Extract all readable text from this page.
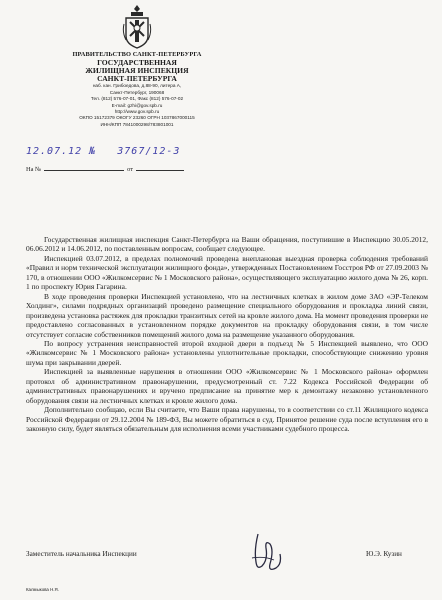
ПРАВИТЕЛЬСТВО САНКТ-ПЕТЕРБУРГА
ГОСУДАРСТВЕННАЯ
ЖИЛИЩНАЯ ИНСПЕКЦИЯ
САНКТ-ПЕТЕРБУРГА
наб. кан. Грибоедова, д.88-90, литера А,
Санкт-Петербург, 190068
Тел. (812) 576-07-01, Факс (812) 576-07-02
E-mail: gzhi@gov.spb.ru
http://www.gov.spb.ru
ОКПО 15172379 ОКОГУ 23260 ОГРН 1037867000115
ИНН/КПП 7841000298/783801001
12.07.12 № 3767/12-3
На №	от

Государственная жилищная инспекция Санкт-Петербурга на Ваши обращения, поступившие в Инспекцию 30.05.2012, 06.06.2012 и 14.06.2012, по поставленным вопросам, сообщает следующее.

Инспекцией 03.07.2012, в пределах полномочий проведена внеплановая выездная проверка соблюдения требований «Правил и норм технической эксплуатации жилищного фонда», утвержденных Постановлением Госстроя РФ от 27.09.2003 № 170, в отношении ООО «Жилкомсервис № 1 Московского района», осуществляющего эксплуатацию жилого дома № 26, корп. 1 по проспекту Юрия Гагарина.

В ходе проведения проверки Инспекцией установлено, что на лестничных клетках в жилом доме ЗАО «ЭР-Телеком Холдинг», силами подрядных организаций проведено размещение специального оборудования и прокладка линий связи, произведена установка растяжек для прокладки транзитных сетей на кровле жилого дома. На момент проведения проверки не предоставлено согласованных в установленном порядке документов на прокладку оборудования связи, в том числе отсутствует согласие собственников помещений жилого дома на размещение указанного оборудования.

По вопросу устранения неисправностей второй входной двери в подъезд № 5 Инспекцией выявлено, что ООО «Жилкомсервис № 1 Московского района» установлены уплотнительные прокладки, способствующие снижению уровня шума при закрывании дверей.

Инспекцией за выявленные нарушения в отношении ООО «Жилкомсервис № 1 Московского района» оформлен протокол об административном правонарушении, предусмотренный ст. 7.22 Кодекса Российской Федерации об административных правонарушениях и вручено предписание на принятие мер к демонтажу незаконно установленного оборудования связи на лестничных клетках и кровле жилого дома.

Дополнительно сообщаю, если Вы считаете, что Ваши права нарушены, то в соответствии со ст.11 Жилищного кодекса Российской Федерации от 29.12.2004 № 189-ФЗ, Вы можете обратиться в суд. Принятое решение суда после вступления его в законную силу, будет являться обязательным для исполнения всеми участниками судебного процесса.

Заместитель начальника Инспекции	Ю.Э. Кузин
Калмыкова Н.Я.
